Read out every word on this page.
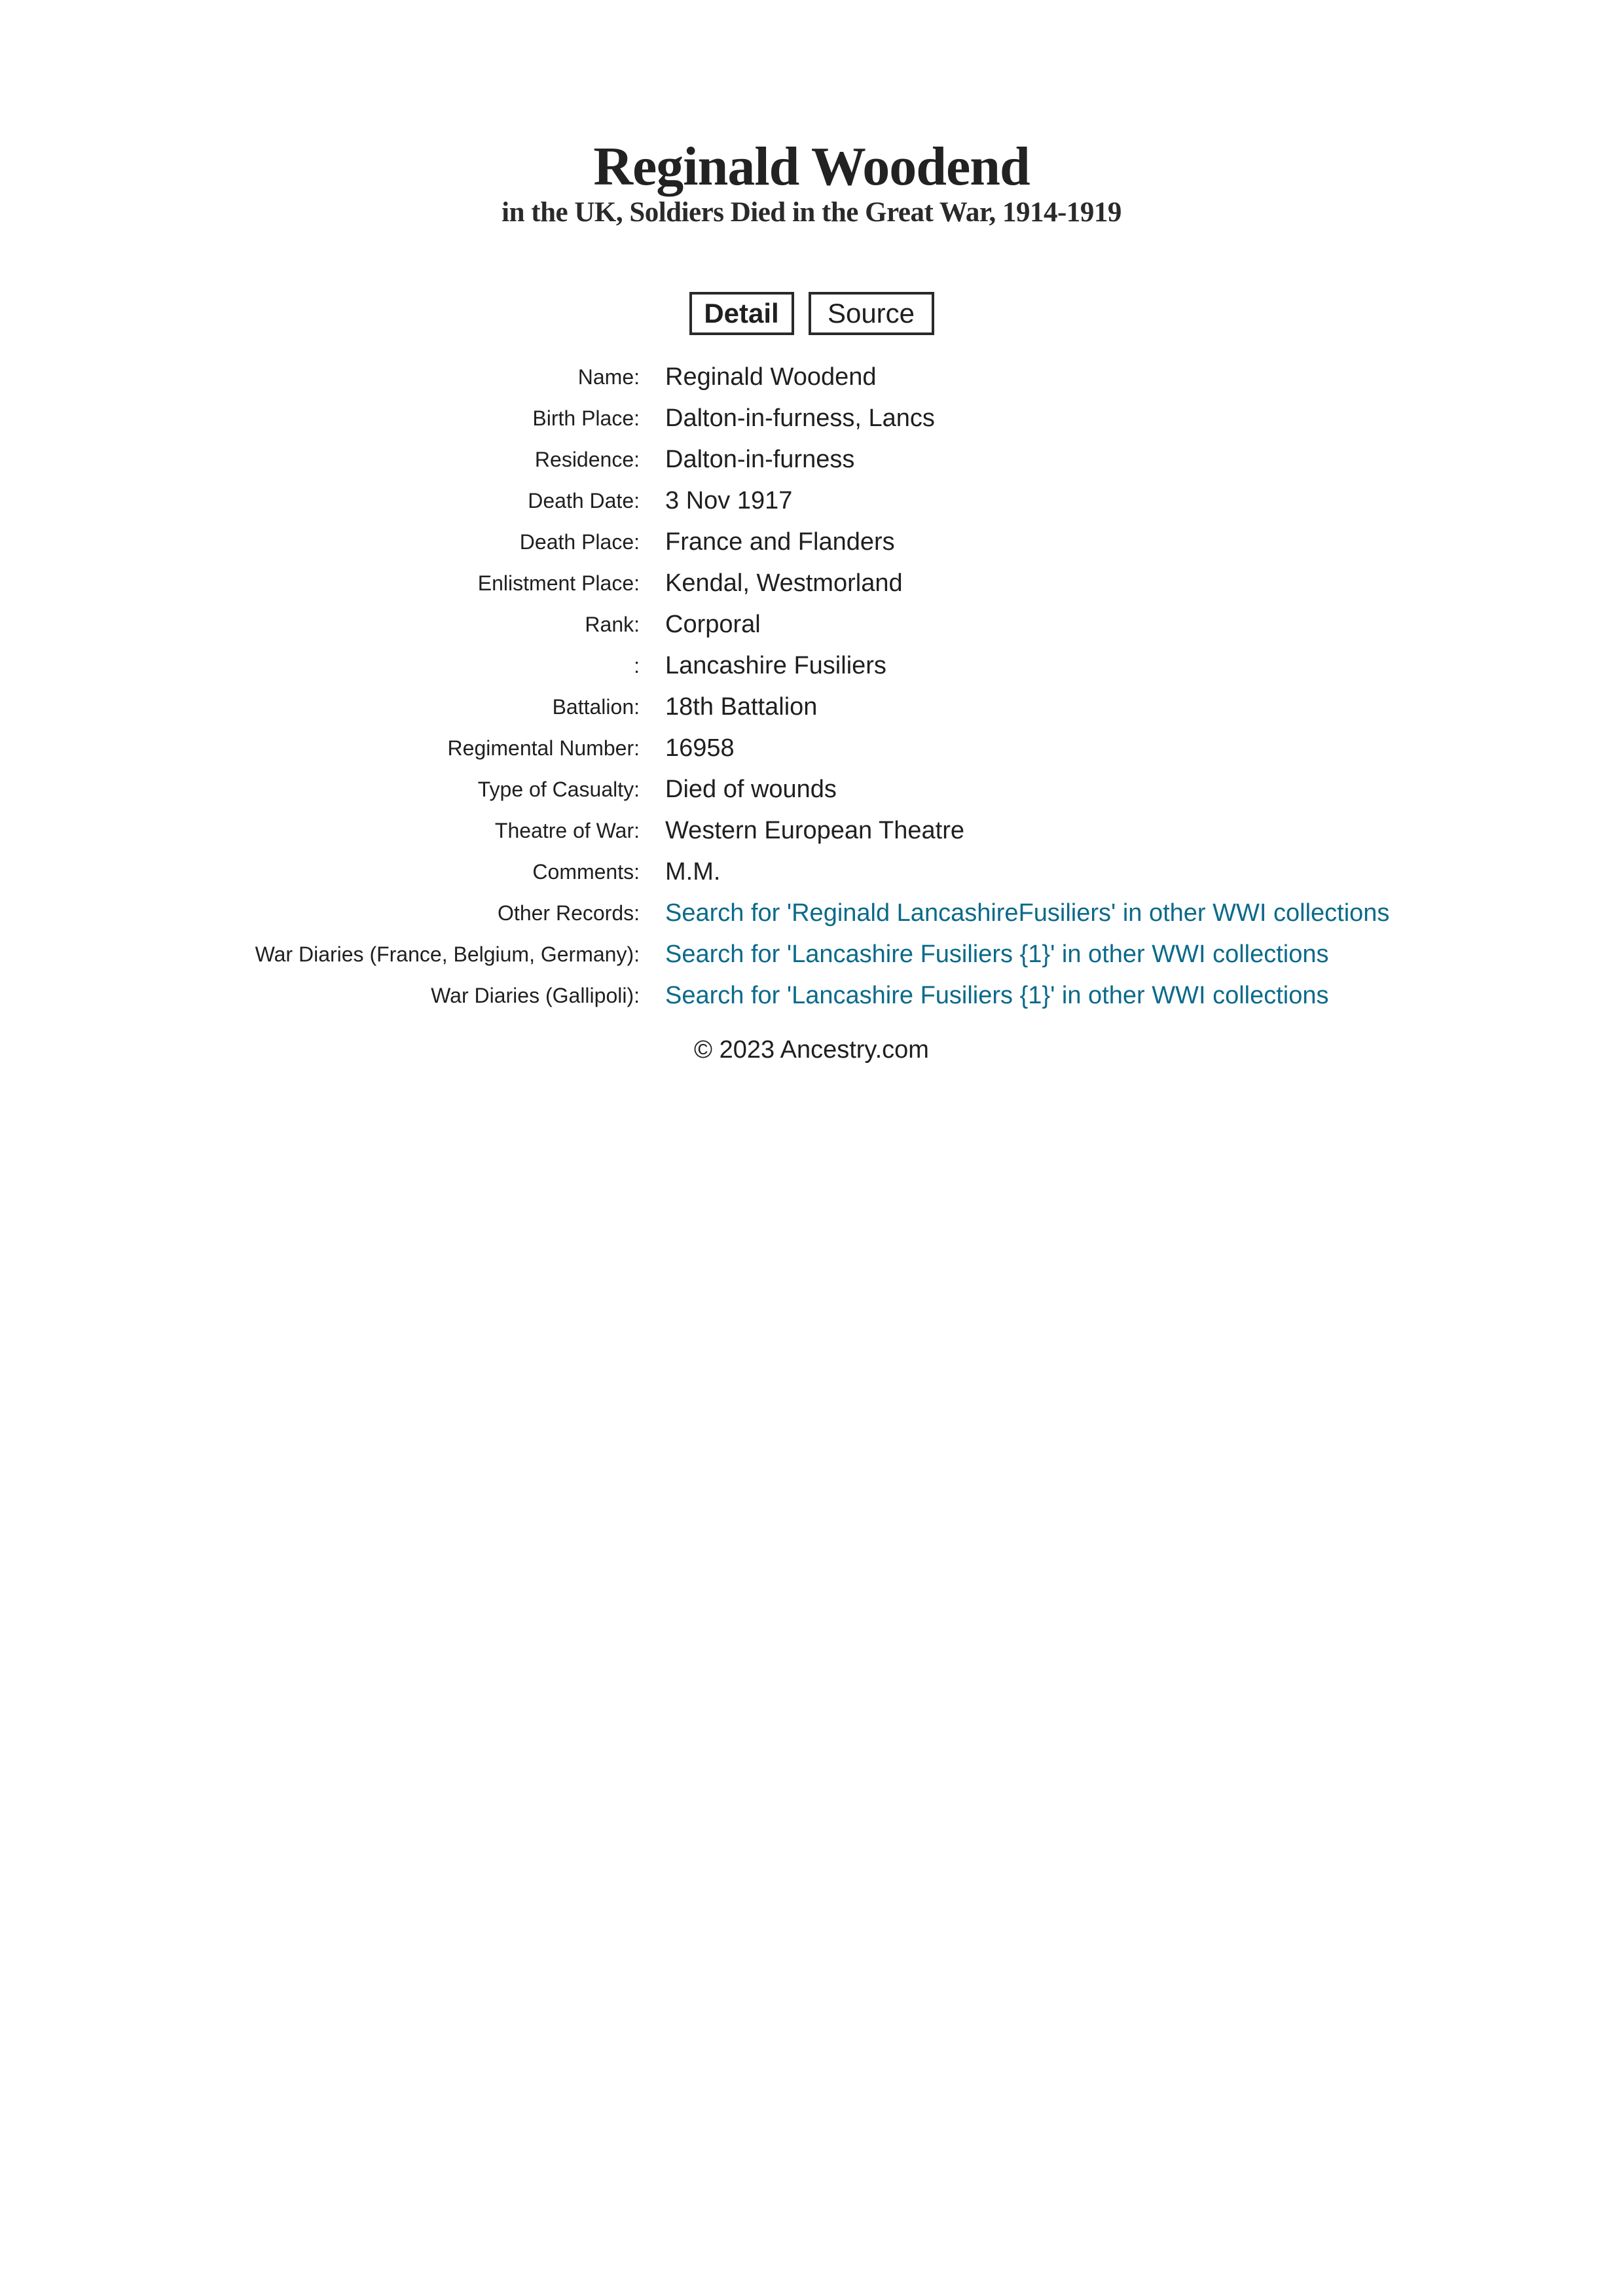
Reginald Woodend
in the UK, Soldiers Died in the Great War, 1914-1919
Detail	Source
Name: Reginald Woodend
Birth Place: Dalton-in-furness, Lancs
Residence: Dalton-in-furness
Death Date: 3 Nov 1917
Death Place: France and Flanders
Enlistment Place: Kendal, Westmorland
Rank: Corporal
: Lancashire Fusiliers
Battalion: 18th Battalion
Regimental Number: 16958
Type of Casualty: Died of wounds
Theatre of War: Western European Theatre
Comments: M.M.
Other Records: Search for 'Reginald LancashireFusiliers' in other WWI collections
War Diaries (France, Belgium, Germany): Search for 'Lancashire Fusiliers {1}' in other WWI collections
War Diaries (Gallipoli): Search for 'Lancashire Fusiliers {1}' in other WWI collections
© 2023 Ancestry.com
